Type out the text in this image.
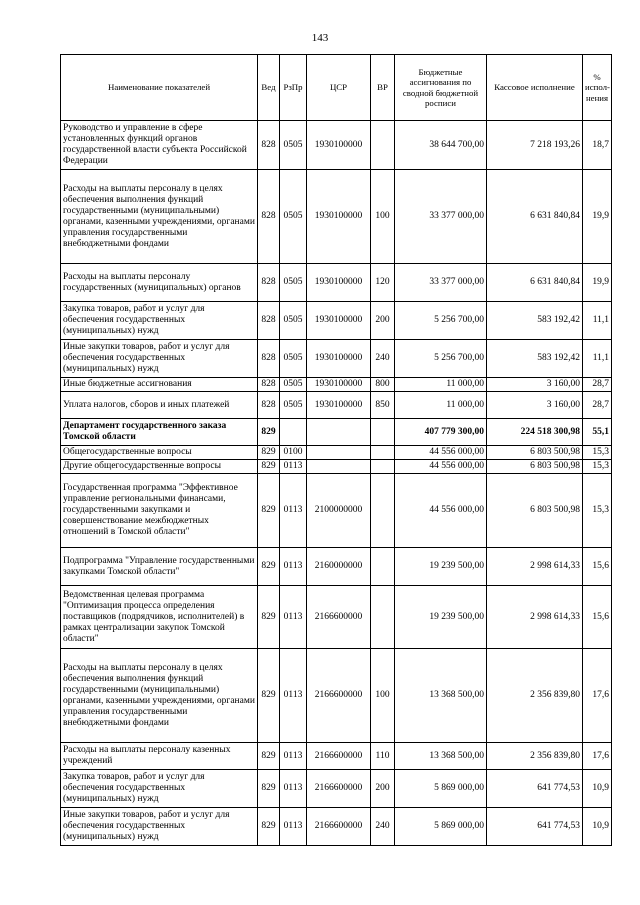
143
Наименование показателей	Вед	РзПр	ЦСР	ВР	Бюджетные ассигнования по сводной бюджетной росписи	Кассовое исполнение	% испол-нения
Руководство и управление в сфере установленных функций органов государственной власти субъекта Российской Федерации	828	0505	1930100000		38 644 700,00	7 218 193,26	18,7
Расходы на выплаты персоналу в целях обеспечения выполнения функций государственными (муниципальными) органами, казенными учреждениями, органами управления государственными внебюджетными фондами	828	0505	1930100000	100	33 377 000,00	6 631 840,84	19,9
Расходы на выплаты персоналу государственных (муниципальных) органов	828	0505	1930100000	120	33 377 000,00	6 631 840,84	19,9
Закупка товаров, работ и услуг для обеспечения государственных (муниципальных) нужд	828	0505	1930100000	200	5 256 700,00	583 192,42	11,1
Иные закупки товаров, работ и услуг для обеспечения государственных (муниципальных) нужд	828	0505	1930100000	240	5 256 700,00	583 192,42	11,1
Иные бюджетные ассигнования	828	0505	1930100000	800	11 000,00	3 160,00	28,7
Уплата налогов, сборов и иных платежей	828	0505	1930100000	850	11 000,00	3 160,00	28,7
Департамент государственного заказа Томской области	829				407 779 300,00	224 518 300,98	55,1
Общегосударственные вопросы	829	0100			44 556 000,00	6 803 500,98	15,3
Другие общегосударственные вопросы	829	0113			44 556 000,00	6 803 500,98	15,3
Государственная программа "Эффективное управление региональными финансами, государственными закупками и совершенствование межбюджетных отношений в Томской области"	829	0113	2100000000		44 556 000,00	6 803 500,98	15,3
Подпрограмма "Управление государственными закупками Томской области"	829	0113	2160000000		19 239 500,00	2 998 614,33	15,6
Ведомственная целевая программа "Оптимизация процесса определения поставщиков (подрядчиков, исполнителей) в рамках централизации закупок Томской области"	829	0113	2166600000		19 239 500,00	2 998 614,33	15,6
Расходы на выплаты персоналу в целях обеспечения выполнения функций государственными (муниципальными) органами, казенными учреждениями, органами управления государственными внебюджетными фондами	829	0113	2166600000	100	13 368 500,00	2 356 839,80	17,6
Расходы на выплаты персоналу казенных учреждений	829	0113	2166600000	110	13 368 500,00	2 356 839,80	17,6
Закупка товаров, работ и услуг для обеспечения государственных (муниципальных) нужд	829	0113	2166600000	200	5 869 000,00	641 774,53	10,9
Иные закупки товаров, работ и услуг для обеспечения государственных (муниципальных) нужд	829	0113	2166600000	240	5 869 000,00	641 774,53	10,9
